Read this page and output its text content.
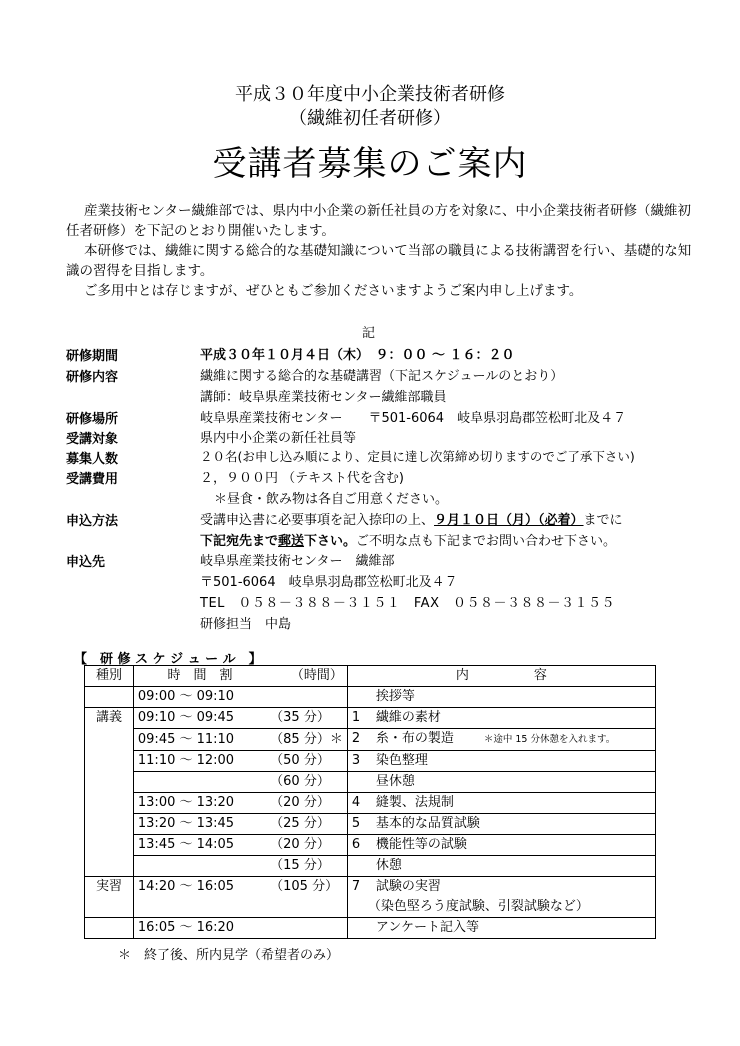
平成３０年度中小企業技術者研修
（繊維初任者研修）
受講者募集のご案内
産業技術センター繊維部では、県内中小企業の新任社員の方を対象に、中小企業技術者研修（繊維初
任者研修）を下記のとおり開催いたします。
本研修では、繊維に関する総合的な基礎知識について当部の職員による技術講習を行い、基礎的な知
識の習得を目指します。
ご多用中とは存じますが、ぜひともご参加くださいますようご案内申し上げます。
記
研修期間	平成３０年１０月４日（木）　９：００ ～ １６：２０
研修内容	繊維に関する総合的な基礎講習（下記スケジュールのとおり）
講師：岐阜県産業技術センター繊維部職員
研修場所	岐阜県産業技術センター　　〒501-6064　岐阜県羽島郡笠松町北及４７
受講対象	県内中小企業の新任社員等
募集人数	２０名(お申し込み順により、定員に達し次第締め切りますのでご了承下さい)
受講費用	２，９００円 （テキスト代を含む)
＊昼食・飲み物は各自ご用意ください。
申込方法	受講申込書に必要事項を記入捺印の上、９月１０日（月）（必着）までに
下記宛先まで郵送下さい。ご不明な点も下記までお問い合わせ下さい。
申込先	岐阜県産業技術センター　繊維部
〒501-6064　岐阜県羽島郡笠松町北及４７
TEL　０５８－３８８－３１５１　FAX　０５８－３８８－３１５５
研修担当　中島
【　研 修 ス ケ ジ ュ ー ル　】
種別	時　間　割	（時間）	内　　　　　容
	09:00 ～ 09:10		挨拶等
講義	09:10 ～ 09:45	（35 分）	1 繊維の素材
	09:45 ～ 11:10	（85 分）＊	2 糸・布の製造 ＊途中 15 分休憩を入れます。
	11:10 ～ 12:00	（50 分）	3 染色整理
		（60 分）	昼休憩
	13:00 ～ 13:20	（20 分）	4 縫製、法規制
	13:20 ～ 13:45	（25 分）	5 基本的な品質試験
	13:45 ～ 14:05	（20 分）	6 機能性等の試験
		（15 分）	休憩
実習	14:20 ～ 16:05	（105 分）	7 試験の実習
			（染色堅ろう度試験、引裂試験など）
	16:05 ～ 16:20		アンケート記入等
＊　終了後、所内見学（希望者のみ）
